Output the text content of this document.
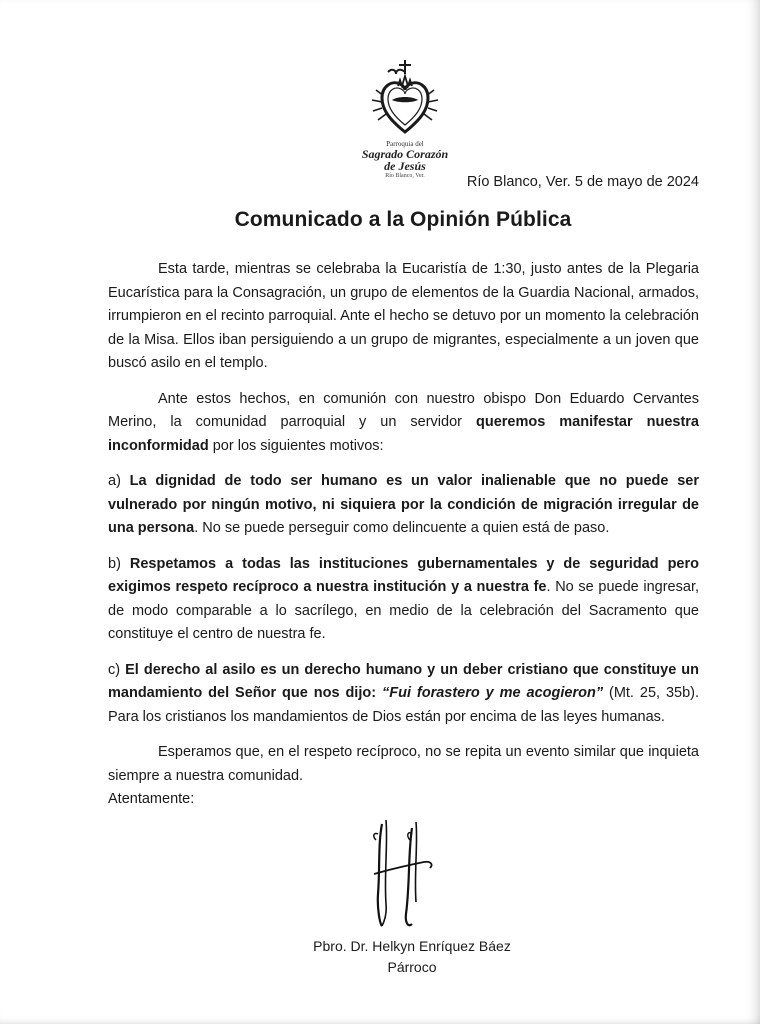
Parroquia del
Sagrado Corazón
de Jesús
Río Blanco, Ver.	Río Blanco, Ver. 5 de mayo de 2024
Comunicado a la Opinión Pública

Esta tarde, mientras se celebraba la Eucaristía de 1:30, justo antes de la Plegaria Eucarística para la Consagración, un grupo de elementos de la Guardia Nacional, armados, irrumpieron en el recinto parroquial. Ante el hecho se detuvo por un momento la celebración de la Misa. Ellos iban persiguiendo a un grupo de migrantes, especialmente a un joven que buscó asilo en el templo.

Ante estos hechos, en comunión con nuestro obispo Don Eduardo Cervantes Merino, la comunidad parroquial y un servidor queremos manifestar nuestra inconformidad por los siguientes motivos:

a) La dignidad de todo ser humano es un valor inalienable que no puede ser vulnerado por ningún motivo, ni siquiera por la condición de migración irregular de una persona. No se puede perseguir como delincuente a quien está de paso.

b) Respetamos a todas las instituciones gubernamentales y de seguridad pero exigimos respeto recíproco a nuestra institución y a nuestra fe. No se puede ingresar, de modo comparable a lo sacrílego, en medio de la celebración del Sacramento que constituye el centro de nuestra fe.

c) El derecho al asilo es un derecho humano y un deber cristiano que constituye un mandamiento del Señor que nos dijo: “Fui forastero y me acogieron” (Mt. 25, 35b). Para los cristianos los mandamientos de Dios están por encima de las leyes humanas.

Esperamos que, en el respeto recíproco, no se repita un evento similar que inquieta siempre a nuestra comunidad.

Atentamente:
Pbro. Dr. Helkyn Enríquez Báez
Párroco
